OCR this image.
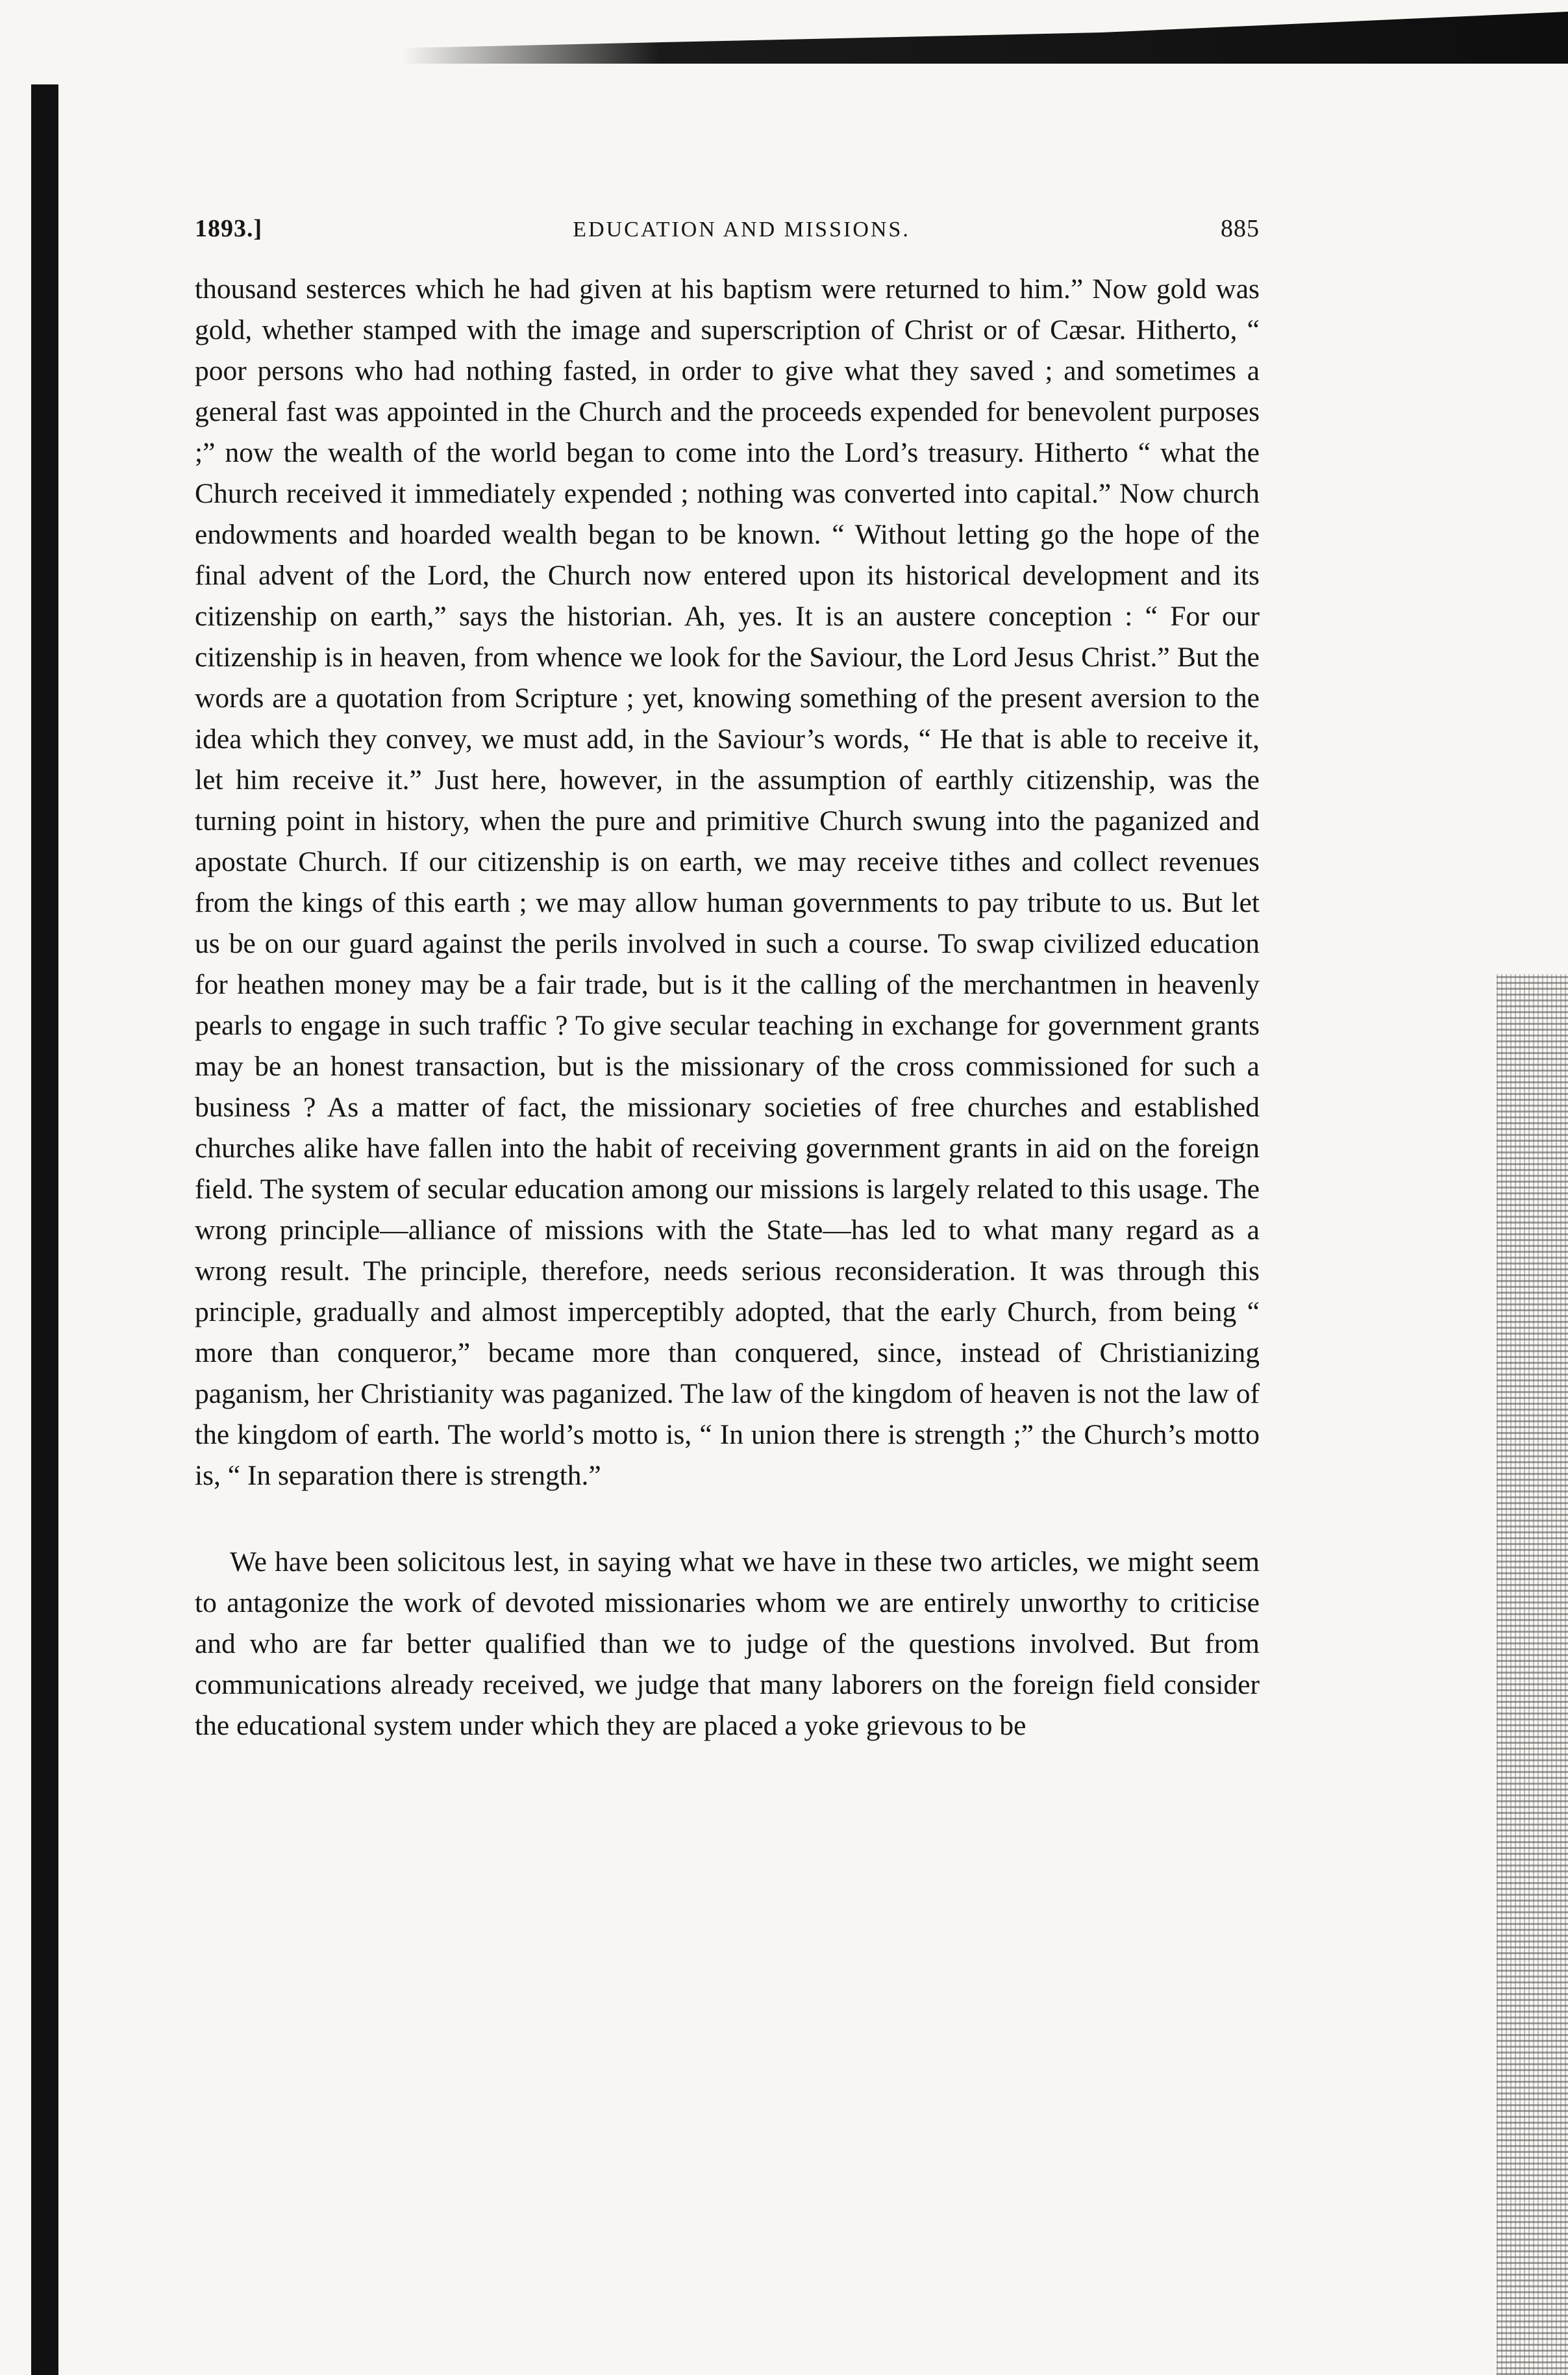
1893.]	EDUCATION AND MISSIONS.	885

thousand sesterces which he had given at his baptism were returned to him.” Now gold was gold, whether stamped with the image and superscription of Christ or of Cæsar. Hitherto, “ poor persons who had nothing fasted, in order to give what they saved ; and sometimes a general fast was appointed in the Church and the proceeds expended for benevolent purposes ;” now the wealth of the world began to come into the Lord’s treasury. Hitherto “ what the Church received it immediately expended ; nothing was converted into capital.” Now church endowments and hoarded wealth began to be known. “ Without letting go the hope of the final advent of the Lord, the Church now entered upon its historical development and its citizenship on earth,” says the historian. Ah, yes. It is an austere conception : “ For our citizenship is in heaven, from whence we look for the Saviour, the Lord Jesus Christ.” But the words are a quotation from Scripture ; yet, knowing something of the present aversion to the idea which they convey, we must add, in the Saviour’s words, “ He that is able to receive it, let him receive it.” Just here, however, in the assumption of earthly citizenship, was the turning point in history, when the pure and primitive Church swung into the paganized and apostate Church. If our citizenship is on earth, we may receive tithes and collect revenues from the kings of this earth ; we may allow human governments to pay tribute to us. But let us be on our guard against the perils involved in such a course. To swap civilized education for heathen money may be a fair trade, but is it the calling of the merchantmen in heavenly pearls to engage in such traffic ? To give secular teaching in exchange for government grants may be an honest transaction, but is the missionary of the cross commissioned for such a business ? As a matter of fact, the missionary societies of free churches and established churches alike have fallen into the habit of receiving government grants in aid on the foreign field. The system of secular education among our missions is largely related to this usage. The wrong principle—alliance of missions with the State—has led to what many regard as a wrong result. The principle, therefore, needs serious reconsideration. It was through this principle, gradually and almost imperceptibly adopted, that the early Church, from being “ more than conqueror,” became more than conquered, since, instead of Christianizing paganism, her Christianity was paganized. The law of the kingdom of heaven is not the law of the kingdom of earth. The world’s motto is, “ In union there is strength ;” the Church’s motto is, “ In separation there is strength.”

We have been solicitous lest, in saying what we have in these two articles, we might seem to antagonize the work of devoted missionaries whom we are entirely unworthy to criticise and who are far better qualified than we to judge of the questions involved. But from communications already received, we judge that many laborers on the foreign field consider the educational system under which they are placed a yoke grievous to be
